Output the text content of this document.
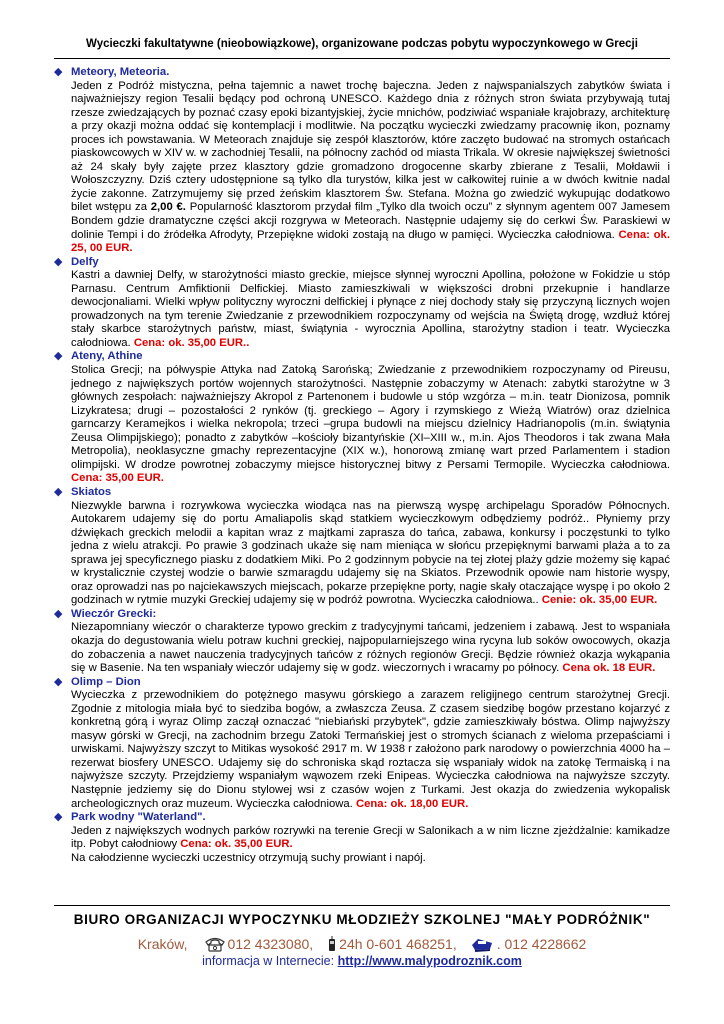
Wycieczki fakultatywne (nieobowiązkowe), organizowane podczas pobytu wypoczynkowego w Grecji
◆ Meteory, Meteoria.
Jeden z Podróż mistyczna, pełna tajemnic a nawet trochę bajeczna. Jeden z najwspanialszych zabytków świata i najważniejszy region Tesalii będący pod ochroną UNESCO. Każdego dnia z różnych stron świata przybywają tutaj rzesze zwiedzających by poznać czasy epoki bizantyjskiej, życie mnichów, podziwiać wspaniałe krajobrazy, architekturę a przy okazji można oddać się kontemplacji i modlitwie. Na początku wycieczki zwiedzamy pracownię ikon, poznamy proces ich powstawania. W Meteorach znajduje się zespół klasztorów, które zaczęto budować na stromych ostańcach piaskowcowych w XIV w. w zachodniej Tesalii, na północny zachód od miasta Trikala. W okresie największej świetności aż 24 skały były zajęte przez klasztory gdzie gromadzono drogocenne skarby zbierane z Tesalii, Mołdawii i Wołoszczyzny. Dziś cztery udostępnione są tylko dla turystów, kilka jest w całkowitej ruinie a w dwóch kwitnie nadal życie zakonne. Zatrzymujemy się przed żeńskim klasztorem Św. Stefana. Można go zwiedzić wykupując dodatkowo bilet wstępu za 2,00 €. Popularność klasztorom przydał film „Tylko dla twoich oczu” z słynnym agentem 007 Jamesem Bondem gdzie dramatyczne części akcji rozgrywa w Meteorach. Następnie udajemy się do cerkwi Św. Paraskiewi w dolinie Tempi i do źródełka Afrodyty, Przepiękne widoki zostają na długo w pamięci. Wycieczka całodniowa. Cena: ok. 25, 00 EUR.
◆ Delfy
Kastri a dawniej Delfy, w starożytności miasto greckie, miejsce słynnej wyroczni Apollina, położone w Fokidzie u stóp Parnasu. Centrum Amfiktionii Delfickiej. Miasto zamieszkiwali w większości drobni przekupnie i handlarze dewocjonaliami. Wielki wpływ polityczny wyroczni delfickiej i płynące z niej dochody stały się przyczyną licznych wojen prowadzonych na tym terenie Zwiedzanie z przewodnikiem rozpoczynamy od wejścia na Świętą drogę, wzdłuż której stały skarbce starożytnych państw, miast, świątynia - wyrocznia Apollina, starożytny stadion i teatr. Wycieczka całodniowa. Cena: ok. 35,00 EUR..
◆ Ateny, Athine
Stolica Grecji; na półwyspie Attyka nad Zatoką Sarońską; Zwiedzanie z przewodnikiem rozpoczynamy od Pireusu, jednego z największych portów wojennych starożytności. Następnie zobaczymy w Atenach: zabytki starożytne w 3 głównych zespołach: najważniejszy Akropol z Partenonem i budowle u stóp wzgórza – m.in. teatr Dionizosa, pomnik Lizykratesa; drugi – pozostałości 2 rynków (tj. greckiego – Agory i rzymskiego z Wieżą Wiatrów) oraz dzielnica garncarzy Keramejkos i wielka nekropola; trzeci –grupa budowli na miejscu dzielnicy Hadrianopolis (m.in. świątynia Zeusa Olimpijskiego); ponadto z zabytków –kościoły bizantyńskie (XI–XIII w., m.in. Ajos Theodoros i tak zwana Mała Metropolia), neoklasyczne gmachy reprezentacyjne (XIX w.), honorową zmianę wart przed Parlamentem i stadion olimpijski. W drodze powrotnej zobaczymy miejsce historycznej bitwy z Persami Termopile. Wycieczka całodniowa. Cena: 35,00 EUR.
◆ Skiatos
Niezwykle barwna i rozrywkowa wycieczka wiodąca nas na pierwszą wyspę archipelagu Sporadów Północnych. Autokarem udajemy się do portu Amaliapolis skąd statkiem wycieczkowym odbędziemy podróż.. Płyniemy przy dźwiękach greckich melodii a kapitan wraz z majtkami zaprasza do tańca, zabawa, konkursy i poczęstunki to tylko jedna z wielu atrakcji. Po prawie 3 godzinach ukaże się nam mieniąca w słońcu przepięknymi barwami plaża a to za sprawa jej specyficznego piasku z dodatkiem Miki. Po 2 godzinnym pobycie na tej złotej plaży gdzie możemy się kąpać w krystalicznie czystej wodzie o barwie szmaragdu udajemy się na Skiatos. Przewodnik opowie nam historie wyspy, oraz oprowadzi nas po najciekawszych miejscach, pokarze przepiękne porty, nagie skały otaczające wyspę i po około 2 godzinach w rytmie muzyki Greckiej udajemy się w podróż powrotna. Wycieczka całodniowa.. Cenie: ok. 35,00 EUR.
◆ Wieczór Grecki:
Niezapomniany wieczór o charakterze typowo greckim z tradycyjnymi tańcami, jedzeniem i zabawą. Jest to wspaniała okazja do degustowania wielu potraw kuchni greckiej, najpopularniejszego wina rycyna lub soków owocowych, okazja do zobaczenia a nawet nauczenia tradycyjnych tańców z różnych regionów Grecji. Będzie również okazja wykąpania się w Basenie. Na ten wspaniały wieczór udajemy się w godz. wieczornych i wracamy po północy. Cena ok. 18 EUR.
◆ Olimp – Dion
Wycieczka z przewodnikiem do potężnego masywu górskiego a zarazem religijnego centrum starożytnej Grecji. Zgodnie z mitologia miała być to siedziba bogów, a zwłaszcza Zeusa. Z czasem siedzibę bogów przestano kojarzyć z konkretną górą i wyraz Olimp zaczął oznaczać "niebiański przybytek", gdzie zamieszkiwały bóstwa. Olimp najwyższy masyw górski w Grecji, na zachodnim brzegu Zatoki Termańskiej jest o stromych ścianach z wieloma przepaściami i urwiskami. Najwyższy szczyt to Mitikas wysokość 2917 m. W 1938 r założono park narodowy o powierzchnia 4000 ha – rezerwat biosfery UNESCO. Udajemy się do schroniska skąd roztacza się wspaniały widok na zatokę Termaiską i na najwyższe szczyty. Przejdziemy wspaniałym wąwozem rzeki Enipeas. Wycieczka całodniowa na najwyższe szczyty. Następnie jedziemy się do Dionu stylowej wsi z czasów wojen z Turkami. Jest okazja do zwiedzenia wykopalisk archeologicznych oraz muzeum. Wycieczka całodniowa. Cena: ok. 18,00 EUR.
◆ Park wodny "Waterland".
Jeden z największych wodnych parków rozrywki na terenie Grecji w Salonikach a w nim liczne zjeżdżalnie: kamikadze itp. Pobyt całodniowy Cena: ok. 35,00 EUR.
Na całodzienne wycieczki uczestnicy otrzymują suchy prowiant i napój.
BIURO ORGANIZACJI WYPOCZYNKU MŁODZIEŻY SZKOLNEJ "MAŁY PODRÓŻNIK"
Kraków,	012 4323080, 24h 0-601 468251,	. 012 4228662
informacja w Internecie: http://www.malypodroznik.com
